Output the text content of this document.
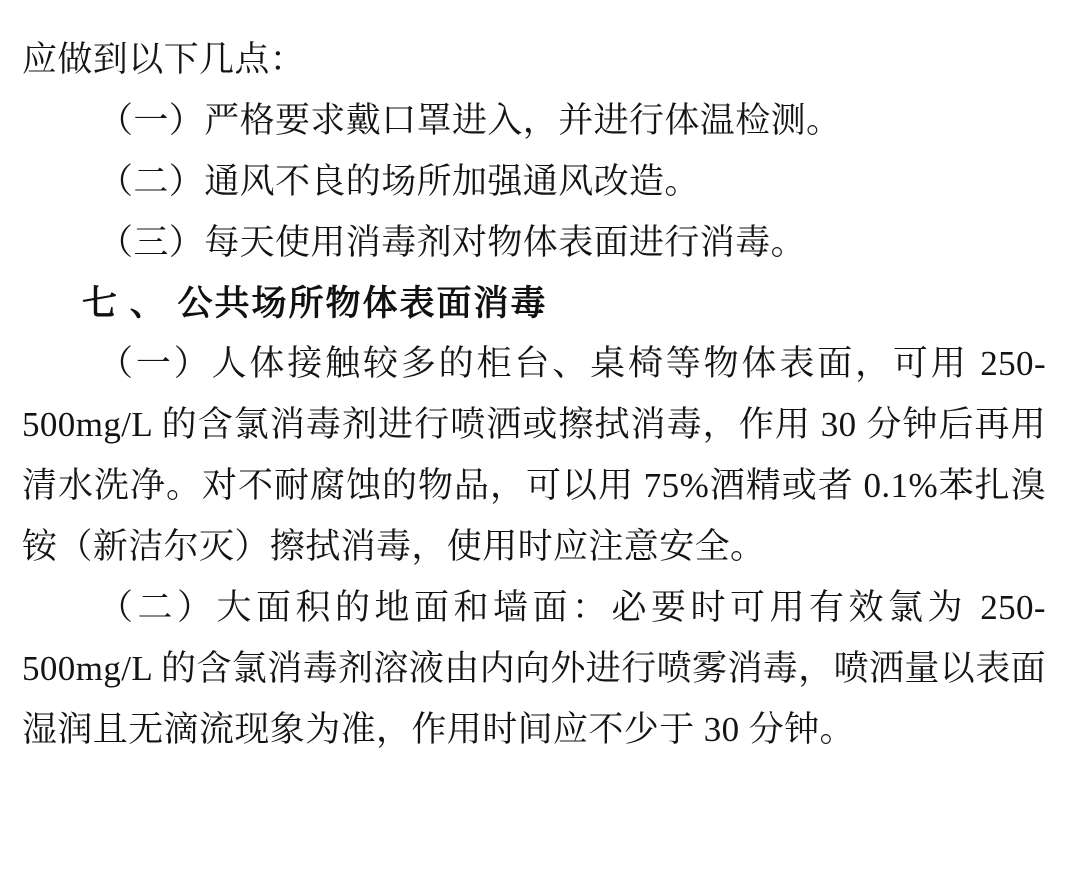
应做到以下几点：

（一）严格要求戴口罩进入，并进行体温检测。

（二）通风不良的场所加强通风改造。

（三）每天使用消毒剂对物体表面进行消毒。

七 、 公共场所物体表面消毒

（一）人体接触较多的柜台、桌椅等物体表面，可用 250-500mg/L 的含氯消毒剂进行喷洒或擦拭消毒，作用 30 分钟后再用清水洗净。对不耐腐蚀的物品，可以用 75%酒精或者 0.1%苯扎溴铵（新洁尔灭）擦拭消毒，使用时应注意安全。

（二）大面积的地面和墙面：必要时可用有效氯为 250-500mg/L 的含氯消毒剂溶液由内向外进行喷雾消毒，喷洒量以表面湿润且无滴流现象为准，作用时间应不少于 30 分钟。
